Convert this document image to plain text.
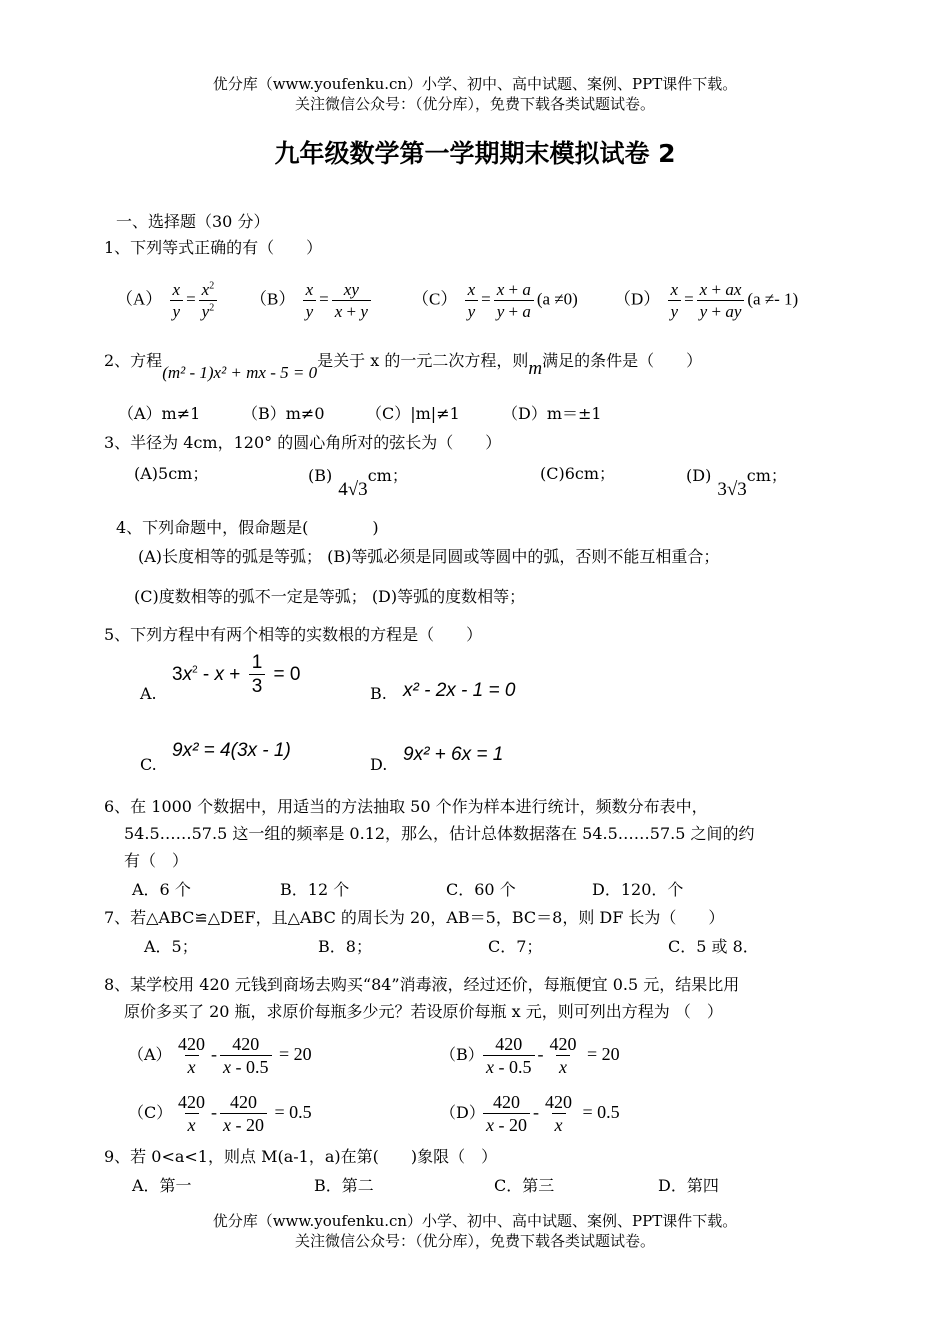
优分库（www.youfenku.cn）小学、初中、高中试题、案例、PPT课件下载。
关注微信公众号：（优分库），免费下载各类试题试卷。
九年级数学第一学期期末模拟试卷 2
一、选择题（30 分）
1、下列等式正确的有（　　）
$(A) \frac{x}{y} = \frac{x^2}{y^2} (B) \frac{x}{y} = \frac{xy}{x + y} (C) \frac{x}{y} = \frac{x + a}{y + a} (a \ne 0)$ $(D) \frac{x}{y} = \frac{x + ax}{y + ay} (a \ne- 1)$
2、方程(m² - 1)x² + mx - 5 = 0是关于 x 的一元二次方程，则m满足的条件是（　　）
（A）m≠1	（B）m≠0	（C）|m|≠1	（D）m＝±1
3、半径为 4cm，120° 的圆心角所对的弦长为（　　）
(A)5cm；	(B)4√3cm；	(C)6cm；	(D)3√3cm；
4、下列命题中，假命题是(　　　　)
(A)长度相等的弧是等弧； (B)等弧必须是同圆或等圆中的弧，否则不能互相重合；
(C)度数相等的弧不一定是等弧； (D)等弧的度数相等；
5、下列方程中有两个相等的实数根的方程是（　　）
A.
$3x^2 - x + \frac{1}{3} = 0$
B. x² - 2x - 1 = 0
C.
9x² = 4(3x - 1)
D. 9x² + 6x = 1
6、在 1000 个数据中，用适当的方法抽取 50 个作为样本进行统计，频数分布表中，
54.5……57.5 这一组的频率是 0.12，那么，估计总体数据落在 54.5……57.5 之间的约
有（　）
A．6 个	B．12 个	C．60 个	D．120．个
7、若△ABC≌△DEF，且△ABC 的周长为 20，AB＝5，BC＝8，则 DF 长为（　　）
A．5；	B．8；	C．7；	C．5 或 8．
8、某学校用 420 元钱到商场去购买“84”消毒液，经过还价，每瓶便宜 0.5 元，结果比用
原价多买了 20 瓶，求原价每瓶多少元？若设原价每瓶 x 元，则可列出方程为 （　）
$(A) \frac{420}{x} - \frac{420}{x - 0.5} = 20$	$(B) \frac{420}{x - 0.5} - \frac{420}{x} = 20$
$(C) \frac{420}{x} - \frac{420}{x - 20} = 0.5$	（D）
$\frac{420}{x - 20} - \frac{420}{x} = 0.5$
9、若 0<a<1，则点 M(a-1，a)在第(　　)象限（　）
A．第一	B．第二	C．第三	D．第四
优分库（www.youfenku.cn）小学、初中、高中试题、案例、PPT课件下载。
关注微信公众号：（优分库），免费下载各类试题试卷。
